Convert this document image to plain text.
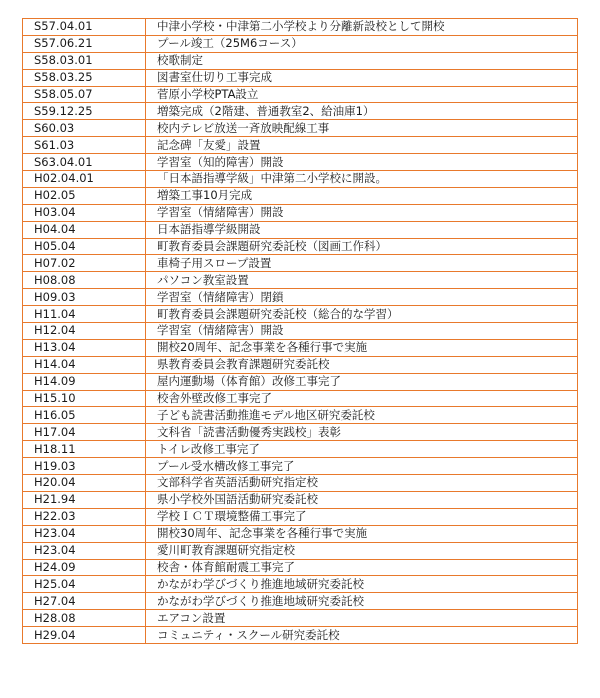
S57.04.01	中津小学校・中津第二小学校より分離新設校として開校
S57.06.21	プール竣工（25M6コース）
S58.03.01	校歌制定
S58.03.25	図書室仕切り工事完成
S58.05.07	菅原小学校PTA設立
S59.12.25	増築完成（2階建、普通教室2、給油庫1）
S60.03	校内テレビ放送一斉放映配線工事
S61.03	記念碑「友愛」設置
S63.04.01	学習室（知的障害）開設
H02.04.01	「日本語指導学級」中津第二小学校に開設。
H02.05	増築工事10月完成
H03.04	学習室（情緒障害）開設
H04.04	日本語指導学級開設
H05.04	町教育委員会課題研究委託校（図画工作科）
H07.02	車椅子用スロープ設置
H08.08	パソコン教室設置
H09.03	学習室（情緒障害）閉鎖
H11.04	町教育委員会課題研究委託校（総合的な学習）
H12.04	学習室（情緒障害）開設
H13.04	開校20周年、記念事業を各種行事で実施
H14.04	県教育委員会教育課題研究委託校
H14.09	屋内運動場（体育館）改修工事完了
H15.10	校舎外壁改修工事完了
H16.05	子ども読書活動推進モデル地区研究委託校
H17.04	文科省「読書活動優秀実践校」表彰
H18.11	トイレ改修工事完了
H19.03	プール受水槽改修工事完了
H20.04	文部科学省英語活動研究指定校
H21.94	県小学校外国語活動研究委託校
H22.03	学校ＩＣＴ環境整備工事完了
H23.04	開校30周年、記念事業を各種行事で実施
H23.04	愛川町教育課題研究指定校
H24.09	校舎・体育館耐震工事完了
H25.04	かながわ学びづくり推進地域研究委託校
H27.04	かながわ学びづくり推進地域研究委託校
H28.08	エアコン設置
H29.04	コミュニティ・スクール研究委託校
